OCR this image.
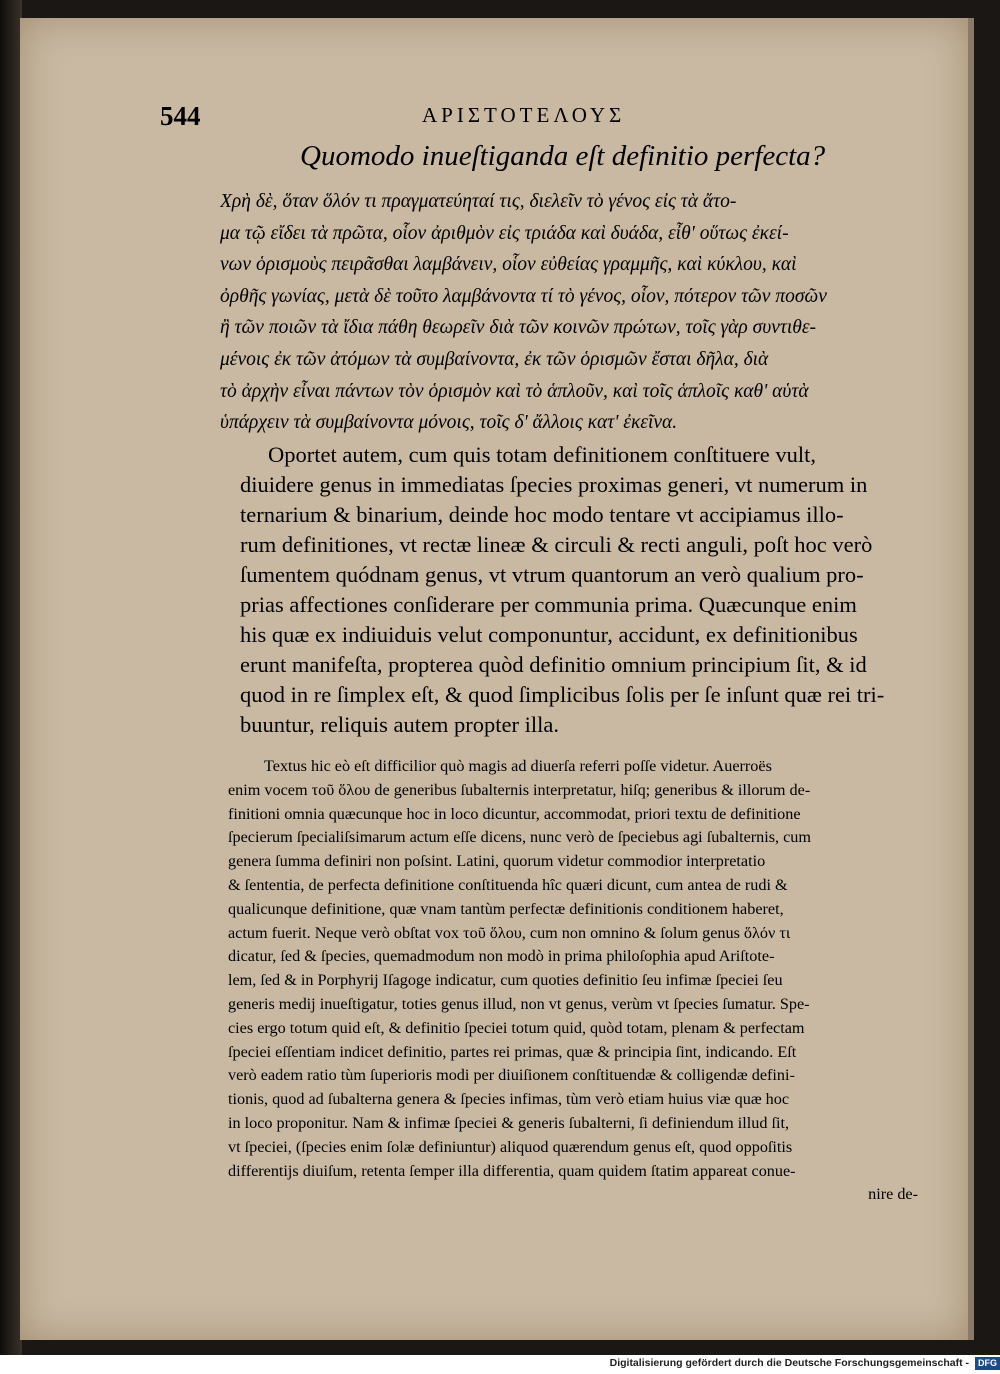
544	ΑΡΙΣΤΟΤΕΛΟΥΣ
Quomodo inueſtiganda eſt definitio perfecta?
Χρὴ δὲ, ὅταν ὅλόν τι πραγματεύηταί τις, διελεῖν τὸ γένος εἰς τὰ ἄτο-
μα τῷ εἴδει τὰ πρῶτα, οἷον ἀριθμὸν εἰς τριάδα καὶ δυάδα, εἶθ' οὕτως ἐκεί-
νων ὁρισμοὺς πειρᾶσθαι λαμβάνειν, οἷον εὐθείας γραμμῆς, καὶ κύκλου, καὶ
ὀρθῆς γωνίας, μετὰ δὲ τοῦτο λαμβάνοντα τί τὸ γένος, οἷον, πότερον τῶν ποσῶν
ἢ τῶν ποιῶν τὰ ἴδια πάθη θεωρεῖν διὰ τῶν κοινῶν πρώτων, τοῖς γὰρ συντιθε-
μένοις ἐκ τῶν ἀτόμων τὰ συμβαίνοντα, ἐκ τῶν ὁρισμῶν ἔσται δῆλα, διὰ
τὸ ἀρχὴν εἶναι πάντων τὸν ὁρισμὸν καὶ τὸ ἁπλοῦν, καὶ τοῖς ἁπλοῖς καθ' αὑτὰ
ὑπάρχειν τὰ συμβαίνοντα μόνοις, τοῖς δ' ἄλλοις κατ' ἐκεῖνα.
Oportet autem, cum quis totam definitionem conſtituere vult,
diuidere genus in immediatas ſpecies proximas generi, vt numerum in
ternarium & binarium, deinde hoc modo tentare vt accipiamus illo-
rum definitiones, vt rectæ lineæ & circuli & recti anguli, poſt hoc verò
ſumentem quódnam genus, vt vtrum quantorum an verò qualium pro-
prias affectiones conſiderare per communia prima. Quæcunque enim
his quæ ex indiuiduis velut componuntur, accidunt, ex definitionibus
erunt manifeſta, propterea quòd definitio omnium principium ſit, & id
quod in re ſimplex eſt, & quod ſimplicibus ſolis per ſe inſunt quæ rei tri-
buuntur, reliquis autem propter illa.
Textus hic eò eſt difficilior quò magis ad diuerſa referri poſſe videtur. Auerroës
enim vocem τοῦ ὅλου de generibus ſubalternis interpretatur, hiſq; generibus & illorum de-
finitioni omnia quæcunque hoc in loco dicuntur, accommodat, priori textu de definitione
ſpecierum ſpecialiſsimarum actum eſſe dicens, nunc verò de ſpeciebus agi ſubalternis, cum
genera ſumma definiri non poſsint. Latini, quorum videtur commodior interpretatio
& ſententia, de perfecta definitione conſtituenda hîc quæri dicunt, cum antea de rudi &
qualicunque definitione, quæ vnam tantùm perfectæ definitionis conditionem haberet,
actum fuerit. Neque verò obſtat vox τοῦ ὅλου, cum non omnino & ſolum genus ὅλόν τι
dicatur, ſed & ſpecies, quemadmodum non modò in prima philoſophia apud Ariſtote-
lem, ſed & in Porphyrij Iſagoge indicatur, cum quoties definitio ſeu infimæ ſpeciei ſeu
generis medij inueſtigatur, toties genus illud, non vt genus, verùm vt ſpecies ſumatur. Spe-
cies ergo totum quid eſt, & definitio ſpeciei totum quid, quòd totam, plenam & perfectam
ſpeciei eſſentiam indicet definitio, partes rei primas, quæ & principia ſint, indicando. Eſt
verò eadem ratio tùm ſuperioris modi per diuiſionem conſtituendæ & colligendæ defini-
tionis, quod ad ſubalterna genera & ſpecies infimas, tùm verò etiam huius viæ quæ hoc
in loco proponitur. Nam & infimæ ſpeciei & generis ſubalterni, ſi definiendum illud ſit,
vt ſpeciei, (ſpecies enim ſolæ definiuntur) aliquod quærendum genus eſt, quod oppoſitis
differentijs diuiſum, retenta ſemper illa differentia, quam quidem ſtatim appareat conue-
nire de-
Digitalisierung gefördert durch die Deutsche Forschungsgemeinschaft - DFG
